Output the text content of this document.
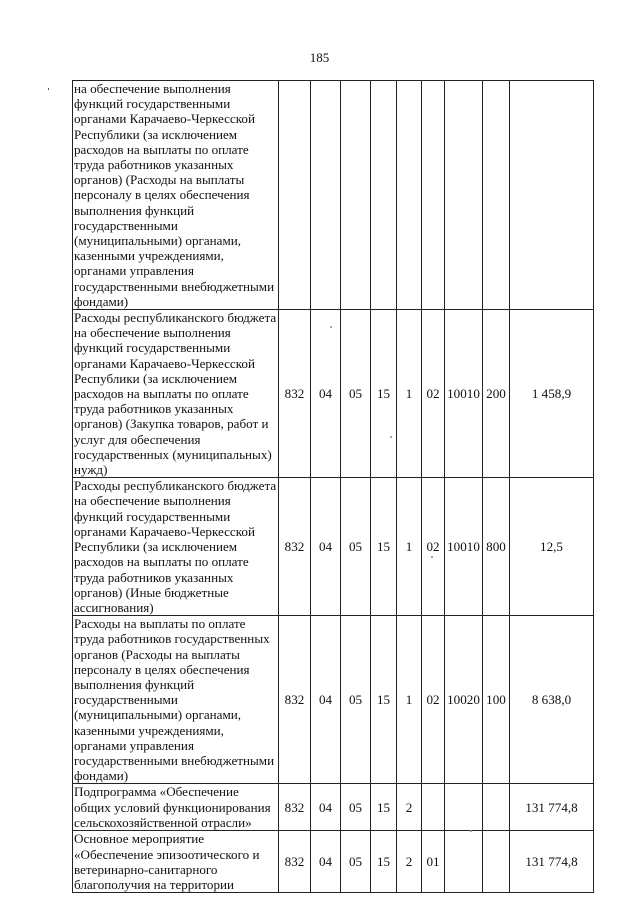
185
на обеспечение выполнения функций государственными органами Карачаево-Черкесской Республики (за исключением расходов на выплаты по оплате труда работников указанных органов) (Расходы на выплаты персоналу в целях обеспечения выполнения функций государственными (муниципальными) органами, казенными учреждениями, органами управления государственными внебюджетными фондами)									
Расходы республиканского бюджета на обеспечение выполнения функций государственными органами Карачаево-Черкесской Республики (за исключением расходов на выплаты по оплате труда работников указанных органов) (Закупка товаров, работ и услуг для обеспечения государственных (муниципальных) нужд)	832	04	05	15	1	02	10010	200	1 458,9
Расходы республиканского бюджета на обеспечение выполнения функций государственными органами Карачаево-Черкесской Республики (за исключением расходов на выплаты по оплате труда работников указанных органов) (Иные бюджетные ассигнования)	832	04	05	15	1	02	10010	800	12,5
Расходы на выплаты по оплате труда работников государственных органов (Расходы на выплаты персоналу в целях обеспечения выполнения функций государственными (муниципальными) органами, казенными учреждениями, органами управления государственными внебюджетными фондами)	832	04	05	15	1	02	10020	100	8 638,0
Подпрограмма «Обеспечение общих условий функционирования сельскохозяйственной отрасли»	832	04	05	15	2				131 774,8
Основное мероприятие «Обеспечение эпизоотического и ветеринарно-санитарного благополучия на территории	832	04	05	15	2	01			131 774,8
